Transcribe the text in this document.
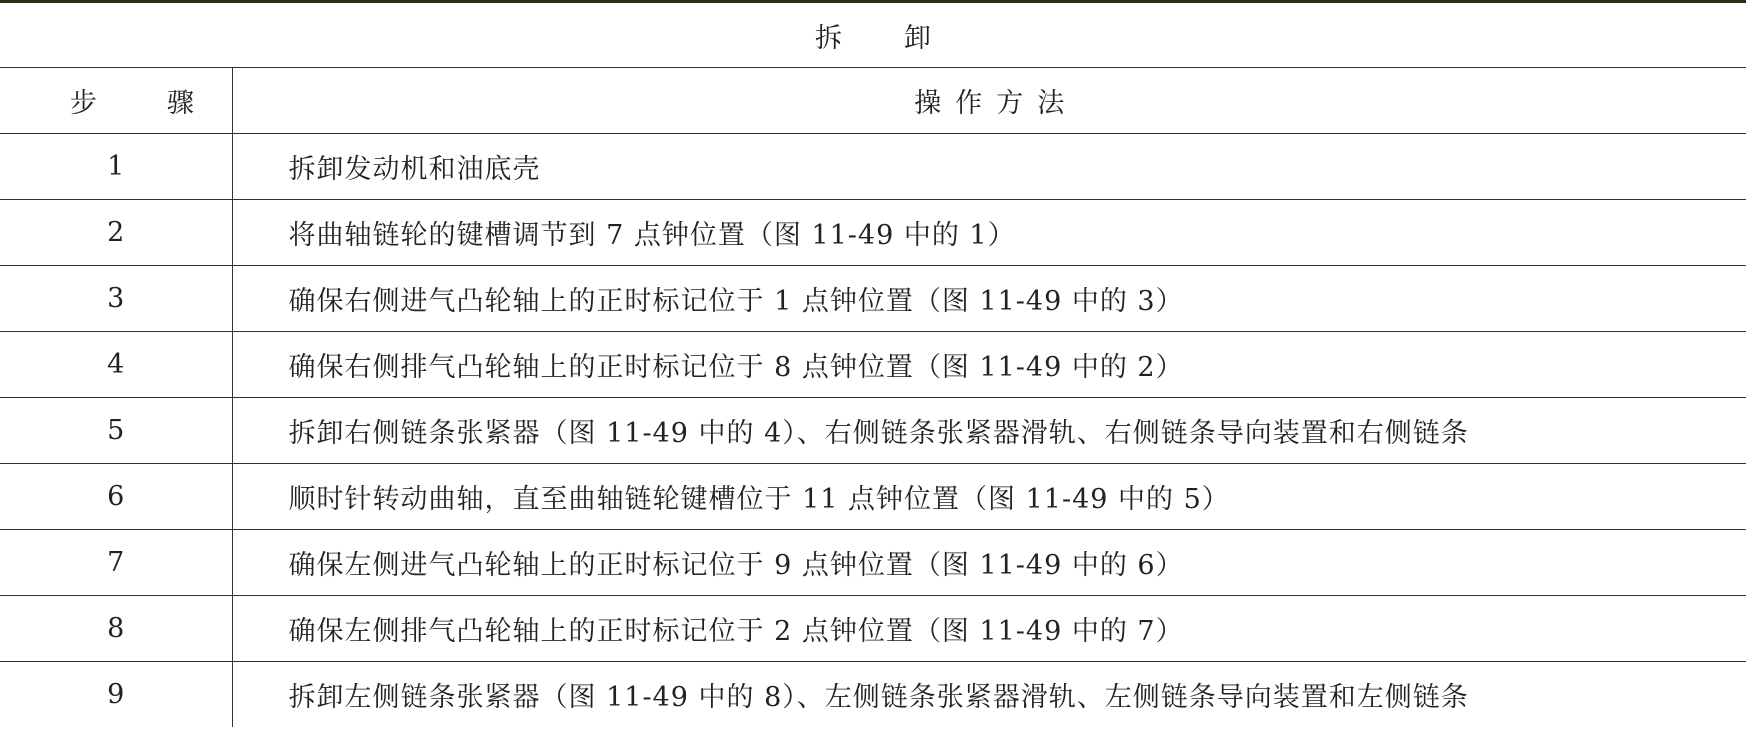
拆卸	
步骤	操作方法
1	拆卸发动机和油底壳
2	将曲轴链轮的键槽调节到 7 点钟位置（图 11-49 中的 1）
3	确保右侧进气凸轮轴上的正时标记位于 1 点钟位置（图 11-49 中的 3）
4	确保右侧排气凸轮轴上的正时标记位于 8 点钟位置（图 11-49 中的 2）
5	拆卸右侧链条张紧器（图 11-49 中的 4）、右侧链条张紧器滑轨、右侧链条导向装置和右侧链条
6	顺时针转动曲轴，直至曲轴链轮键槽位于 11 点钟位置（图 11-49 中的 5）
7	确保左侧进气凸轮轴上的正时标记位于 9 点钟位置（图 11-49 中的 6）
8	确保左侧排气凸轮轴上的正时标记位于 2 点钟位置（图 11-49 中的 7）
9	拆卸左侧链条张紧器（图 11-49 中的 8）、左侧链条张紧器滑轨、左侧链条导向装置和左侧链条
